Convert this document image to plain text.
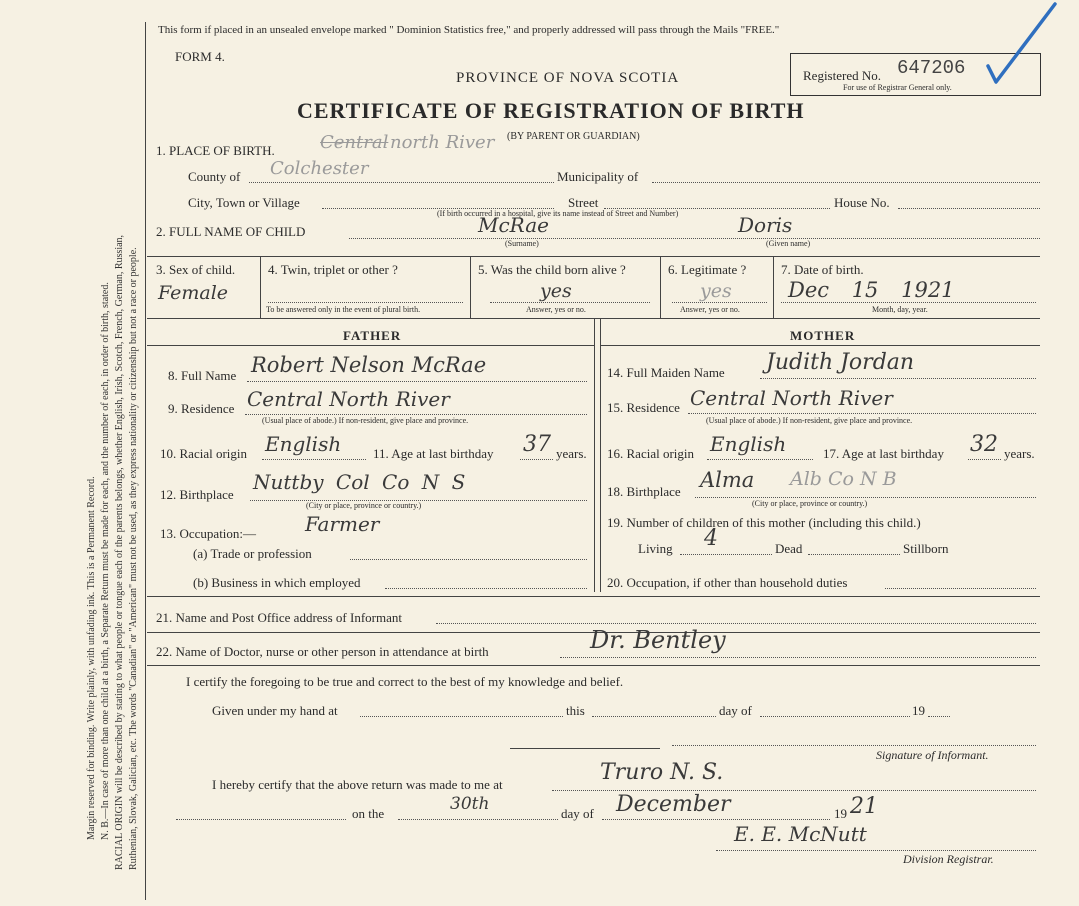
Margin reserved for binding. Write plainly, with unfading ink. This is a Permanent Record. N. B.—In case of more than one child at a birth, a Separate Return must be made for each, and the number of each, in order of birth, stated. RACIAL ORIGIN will be described by stating to what people or tongue each of the parents belongs, whether English, Irish, Scotch, French, German, Russian, Ruthenian, Slovak, Galician, etc. The words "Canadian" or "American" must not be used, as they express nationality or citizenship but not a race or people.
This form if placed in an unsealed envelope marked " Dominion Statistics free," and properly addressed will pass through the Mails "FREE."
FORM 4.
PROVINCE OF NOVA SCOTIA
CERTIFICATE OF REGISTRATION OF BIRTH
(BY PARENT OR GUARDIAN)
Registered No. 647206
For use of Registrar General only.
1. PLACE OF BIRTH.	Central north River
County of Colchester	Municipality of
City, Town or Village	Street	House No.
(If birth occurred in a hospital, give its name instead of Street and Number)
2. FULL NAME OF CHILD	McRae
(Surname)
Doris
(Given name)
3. Sex of child.
Female
4. Twin, triplet or other ?
To be answered only in the event of plural birth.
5. Was the child born alive ?
yes
Answer, yes or no.
6. Legitimate ?
yes
Answer, yes or no.
7. Date of birth.
Dec 15 1921
Month, day, year.
FATHER	MOTHER
8. Full Name Robert Nelson McRae
9. Residence Central North River
(Usual place of abode.) If non-resident, give place and province.
10. Racial origin English 11. Age at last birthday 37 years.
12. Birthplace
Nuttby Col Co N S
(City or place, province or country.)
13. Occupation:— Farmer
(a) Trade or profession
(b) Business in which employed
14. Full Maiden Name Judith Jordan
15. Residence Central North River
(Usual place of abode.) If non-resident, give place and province.
16. Racial origin English	17. Age at last birthday 32 years.
18. Birthplace Alma Alb Co N B
(City or place, province or country.)
19. Number of children of this mother (including this child.)
Living 4	Dead	Stillborn
20. Occupation, if other than household duties
21. Name and Post Office address of Informant
22. Name of Doctor, nurse or other person in attendance at birth	Dr. Bentley
I certify the foregoing to be true and correct to the best of my knowledge and belief.
Given under my hand at	this	day of	19
Signature of Informant.
I hereby certify that the above return was made to me at	Truro N. S.
on the	30th	day of December	19 21
E. E. McNutt
Division Registrar.
